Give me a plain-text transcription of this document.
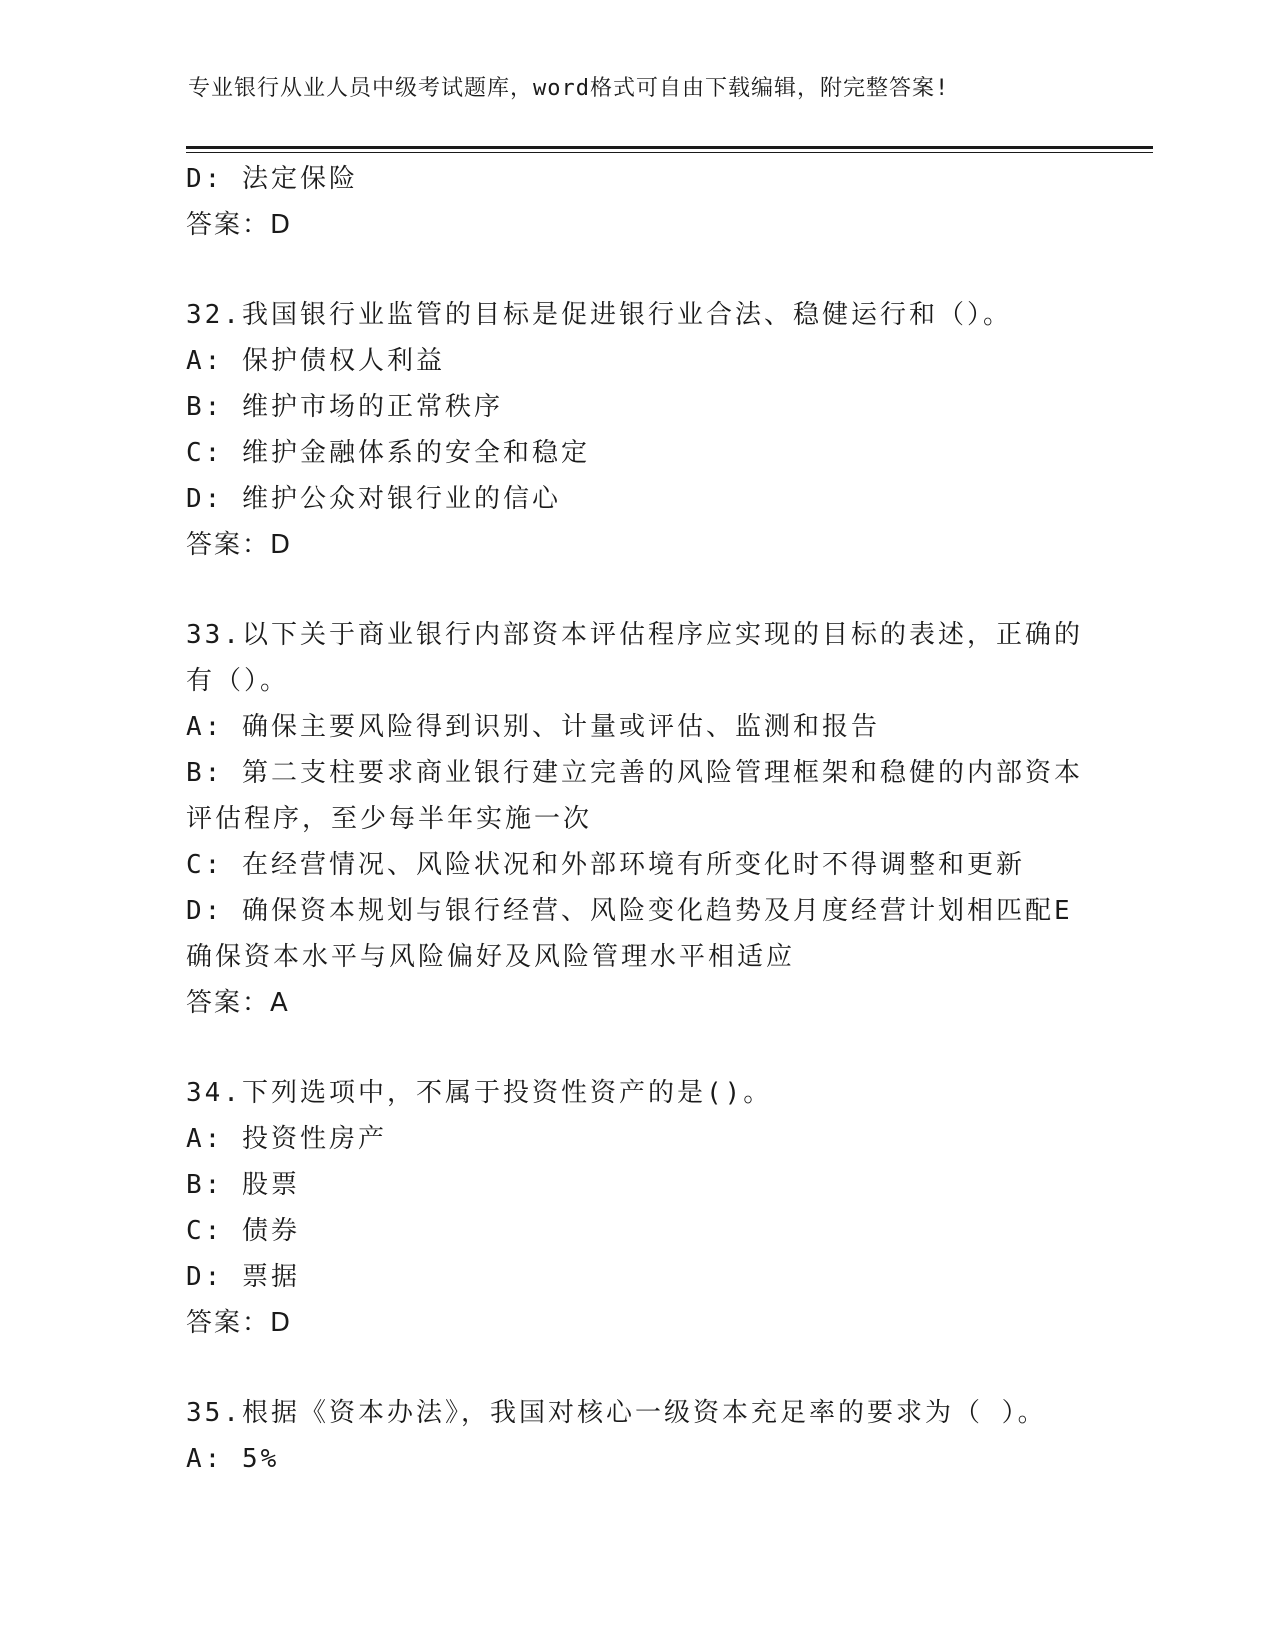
专业银行从业人员中级考试题库，word格式可自由下载编辑，附完整答案!
D: 法定保险
答案：D
32.我国银行业监管的目标是促进银行业合法、稳健运行和（）。
A: 保护债权人利益
B: 维护市场的正常秩序
C: 维护金融体系的安全和稳定
D: 维护公众对银行业的信心
答案：D
33.以下关于商业银行内部资本评估程序应实现的目标的表述，正确的有（）。
A: 确保主要风险得到识别、计量或评估、监测和报告
B: 第二支柱要求商业银行建立完善的风险管理框架和稳健的内部资本评估程序，至少每半年实施一次
C: 在经营情况、风险状况和外部环境有所变化时不得调整和更新
D: 确保资本规划与银行经营、风险变化趋势及月度经营计划相匹配E确保资本水平与风险偏好及风险管理水平相适应
答案：A
34.下列选项中，不属于投资性资产的是()。
A: 投资性房产
B: 股票
C: 债券
D: 票据
答案：D
35.根据《资本办法》，我国对核心一级资本充足率的要求为（ ）。
A: 5%
